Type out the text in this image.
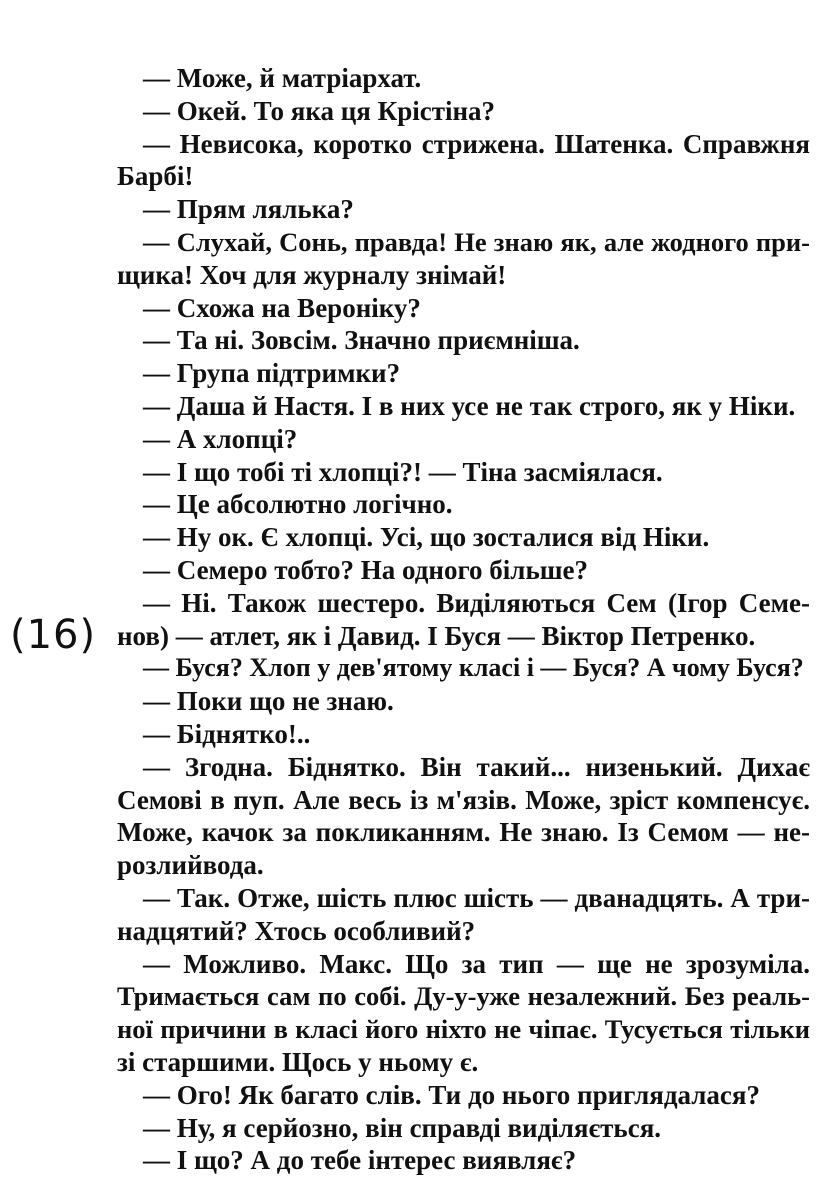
(16)
— Може, й матріархат.
— Окей. То яка ця Крістіна?
— Невисока, коротко стрижена. Шатенка. Справжня
Барбі!
— Прям лялька?
— Слухай, Сонь, правда! Не знаю як, але жодного при-
щика! Хоч для журналу знімай!
— Схожа на Вероніку?
— Та ні. Зовсім. Значно приємніша.
— Група підтримки?
— Даша й Настя. І в них усе не так строго, як у Ніки.
— А хлопці?
— І що тобі ті хлопці?! — Тіна засміялася.
— Це абсолютно логічно.
— Ну ок. Є хлопці. Усі, що зосталися від Ніки.
— Семеро тобто? На одного більше?
— Ні. Також шестеро. Виділяються Сем (Ігор Семе-
нов) — атлет, як і Давид. І Буся — Віктор Петренко.
— Буся? Хлоп у дев'ятому класі і — Буся? А чому Буся?
— Поки що не знаю.
— Біднятко!..
— Згодна. Біднятко. Він такий... низенький. Дихає
Семові в пуп. Але весь із м'язів. Може, зріст компенсує.
Може, качок за покликанням. Не знаю. Із Семом — не-
розлийвода.
— Так. Отже, шість плюс шість — дванадцять. А три-
надцятий? Хтось особливий?
— Можливо. Макс. Що за тип — ще не зрозуміла.
Тримається сам по собі. Ду-у-уже незалежний. Без реаль-
ної причини в класі його ніхто не чіпає. Тусується тільки
зі старшими. Щось у ньому є.
— Ого! Як багато слів. Ти до нього приглядалася?
— Ну, я серйозно, він справді виділяється.
— І що? А до тебе інтерес виявляє?
